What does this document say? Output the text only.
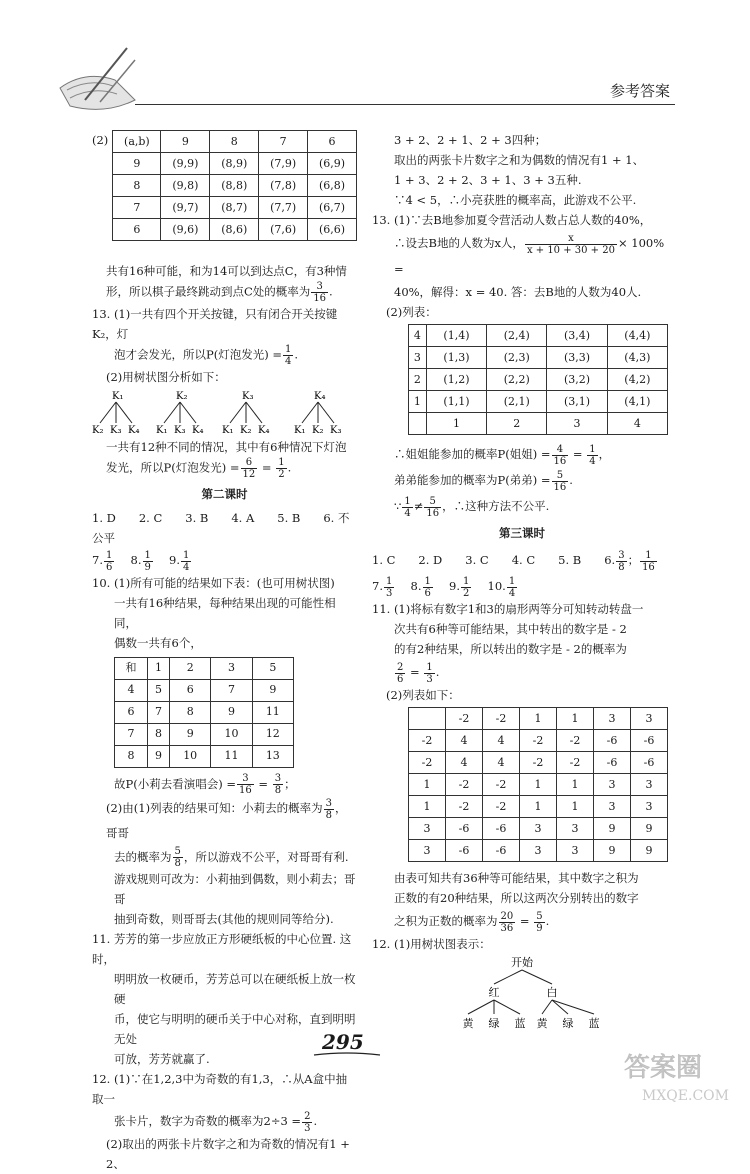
参考答案
(2) (a,b)	9	8	7	6
9	(9,9)	(8,9)	(7,9)	(6,9)
8	(9,8)	(8,8)	(7,8)	(6,8)
7	(9,7)	(8,7)	(7,7)	(6,7)
6	(9,6)	(8,6)	(7,6)	(6,6)

共有16种可能，和为14可以到达点C，有3种情

形，所以棋子最终跳动到点C处的概率为 $\frac{3}{16}$ .

13. (1)一共有四个开关按键，只有闭合开关按键K₂，灯

泡才会发光，所以P(灯泡发光) = $\frac{1}{4}$ .

(2)用树状图分析如下：

K₁
K₂ K₃ K₄
K₂
K₁ K₃ K₄
K₃
K₁ K₂ K₄
K₄
K₁ K₂ K₃

一共有12种不同的情况，其中有6种情况下灯泡

发光，所以P(灯泡发光) = $\frac{6}{12} = \frac{1}{2}$ .

第二课时

1. D　　2. C　　3. B　　4. A　　5. B　　6. 不公平

7. $\frac{1}{6}$
　 8. $\frac{1}{9}$
　 9. $\frac{1}{4}$

10. (1)所有可能的结果如下表：(也可用树状图)

一共有16种结果，每种结果出现的可能性相同，

偶数一共有6个，

和	1	2	3	5
4	5	6	7	9
6	7	8	9	11
7	8	9	10	12
8	9	10	11	13

故P(小莉去看演唱会) = $\frac{3}{16} = \frac{3}{8}$ ；

(2)由(1)列表的结果可知：小莉去的概率为 $\frac{3}{8}$ ，哥哥

去的概率为 $\frac{5}{8}$ ，所以游戏不公平，对哥哥有利.

游戏规则可改为：小莉抽到偶数，则小莉去；哥哥

抽到奇数，则哥哥去(其他的规则同等给分).

11. 芳芳的第一步应放正方形硬纸板的中心位置. 这时，

明明放一枚硬币，芳芳总可以在硬纸板上放一枚硬

币，使它与明明的硬币关于中心对称，直到明明无处

可放，芳芳就赢了.

12. (1)∵在1,2,3中为奇数的有1,3，∴从A盒中抽取一

张卡片，数字为奇数的概率为$2\div 3 = \frac{2}{3}$ .

(2)取出的两张卡片数字之和为奇数的情况有1 + 2、

3 + 2、2 + 1、2 + 3四种；

取出的两张卡片数字之和为偶数的情况有1 + 1、

1 + 3、2 + 2、3 + 1、3 + 3五种.

∵4 < 5，∴小亮获胜的概率高，此游戏不公平.

13. (1)∵去B地参加夏令营活动人数占总人数的40%，

∴设去B地的人数为x人， $\frac{x}{x + 10 + 30 + 20} \times 100\%$ =

40%，解得：x = 40. 答：去B地的人数为40人.

(2)列表：

4	(1,4)	(2,4)	(3,4)	(4,4)
3	(1,3)	(2,3)	(3,3)	(4,3)
2	(1,2)	(2,2)	(3,2)	(4,2)
1	(1,1)	(2,1)	(3,1)	(4,1)
	1	2	3	4

∴姐姐能参加的概率P(姐姐) = $\frac{4}{16} = \frac{1}{4}$ ，

弟弟能参加的概率为P(弟弟) = $\frac{5}{16}$ .

∵ $\frac{1}{4} \ne \frac{5}{16}$ ，∴这种方法不公平.

第三课时

1. C　　2. D　　3. C　　4. C　　5. B　　6. $\frac{3}{8}$ ； $\frac{1}{16}$

7. $\frac{1}{3}$
　 8. $\frac{1}{6}$
　 9. $\frac{1}{2}$
　 10. $\frac{1}{4}$

11. (1)将标有数字1和3的扇形两等分可知转动转盘一

次共有6种等可能结果，其中转出的数字是 - 2

的有2种结果，所以转出的数字是 - 2的概率为

$\frac{2}{6} = \frac{1}{3}$ .

(2)列表如下：

	-2	-2	1	1	3	3
-2	4	4	-2	-2	-6	-6
-2	4	4	-2	-2	-6	-6
1	-2	-2	1	1	3	3
1	-2	-2	1	1	3	3
3	-6	-6	3	3	9	9
3	-6	-6	3	3	9	9

由表可知共有36种等可能结果，其中数字之积为

正数的有20种结果，所以这两次分别转出的数字

之积为正数的概率为 $\frac{20}{36} = \frac{5}{9}$ .

12. (1)用树状图表示：

开始
红	白
黄 绿 蓝 黄 绿 蓝
295
答案圈
MXQE.COM
